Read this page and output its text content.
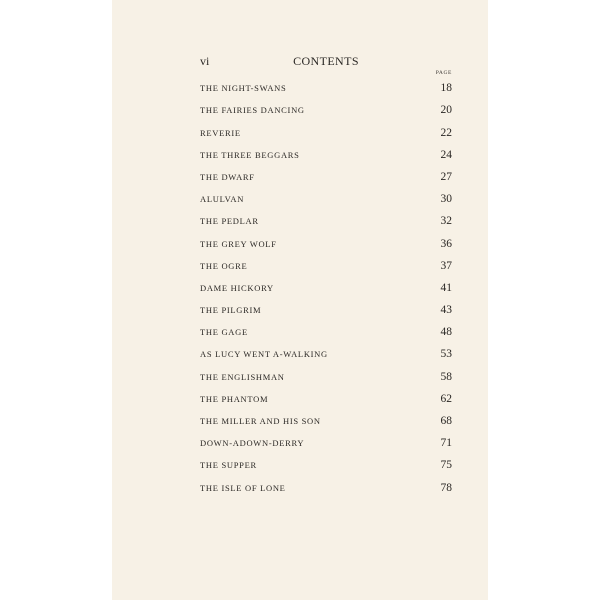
vi	CONTENTS
PAGE
THE NIGHT-SWANS	18
THE FAIRIES DANCING	20
REVERIE	22
THE THREE BEGGARS	24
THE DWARF	27
ALULVAN	30
THE PEDLAR	32
THE GREY WOLF	36
THE OGRE	37
DAME HICKORY	41
THE PILGRIM	43
THE GAGE	48
AS LUCY WENT A-WALKING	53
THE ENGLISHMAN	58
THE PHANTOM	62
THE MILLER AND HIS SON	68
DOWN-ADOWN-DERRY	71
THE SUPPER	75
THE ISLE OF LONE	78
